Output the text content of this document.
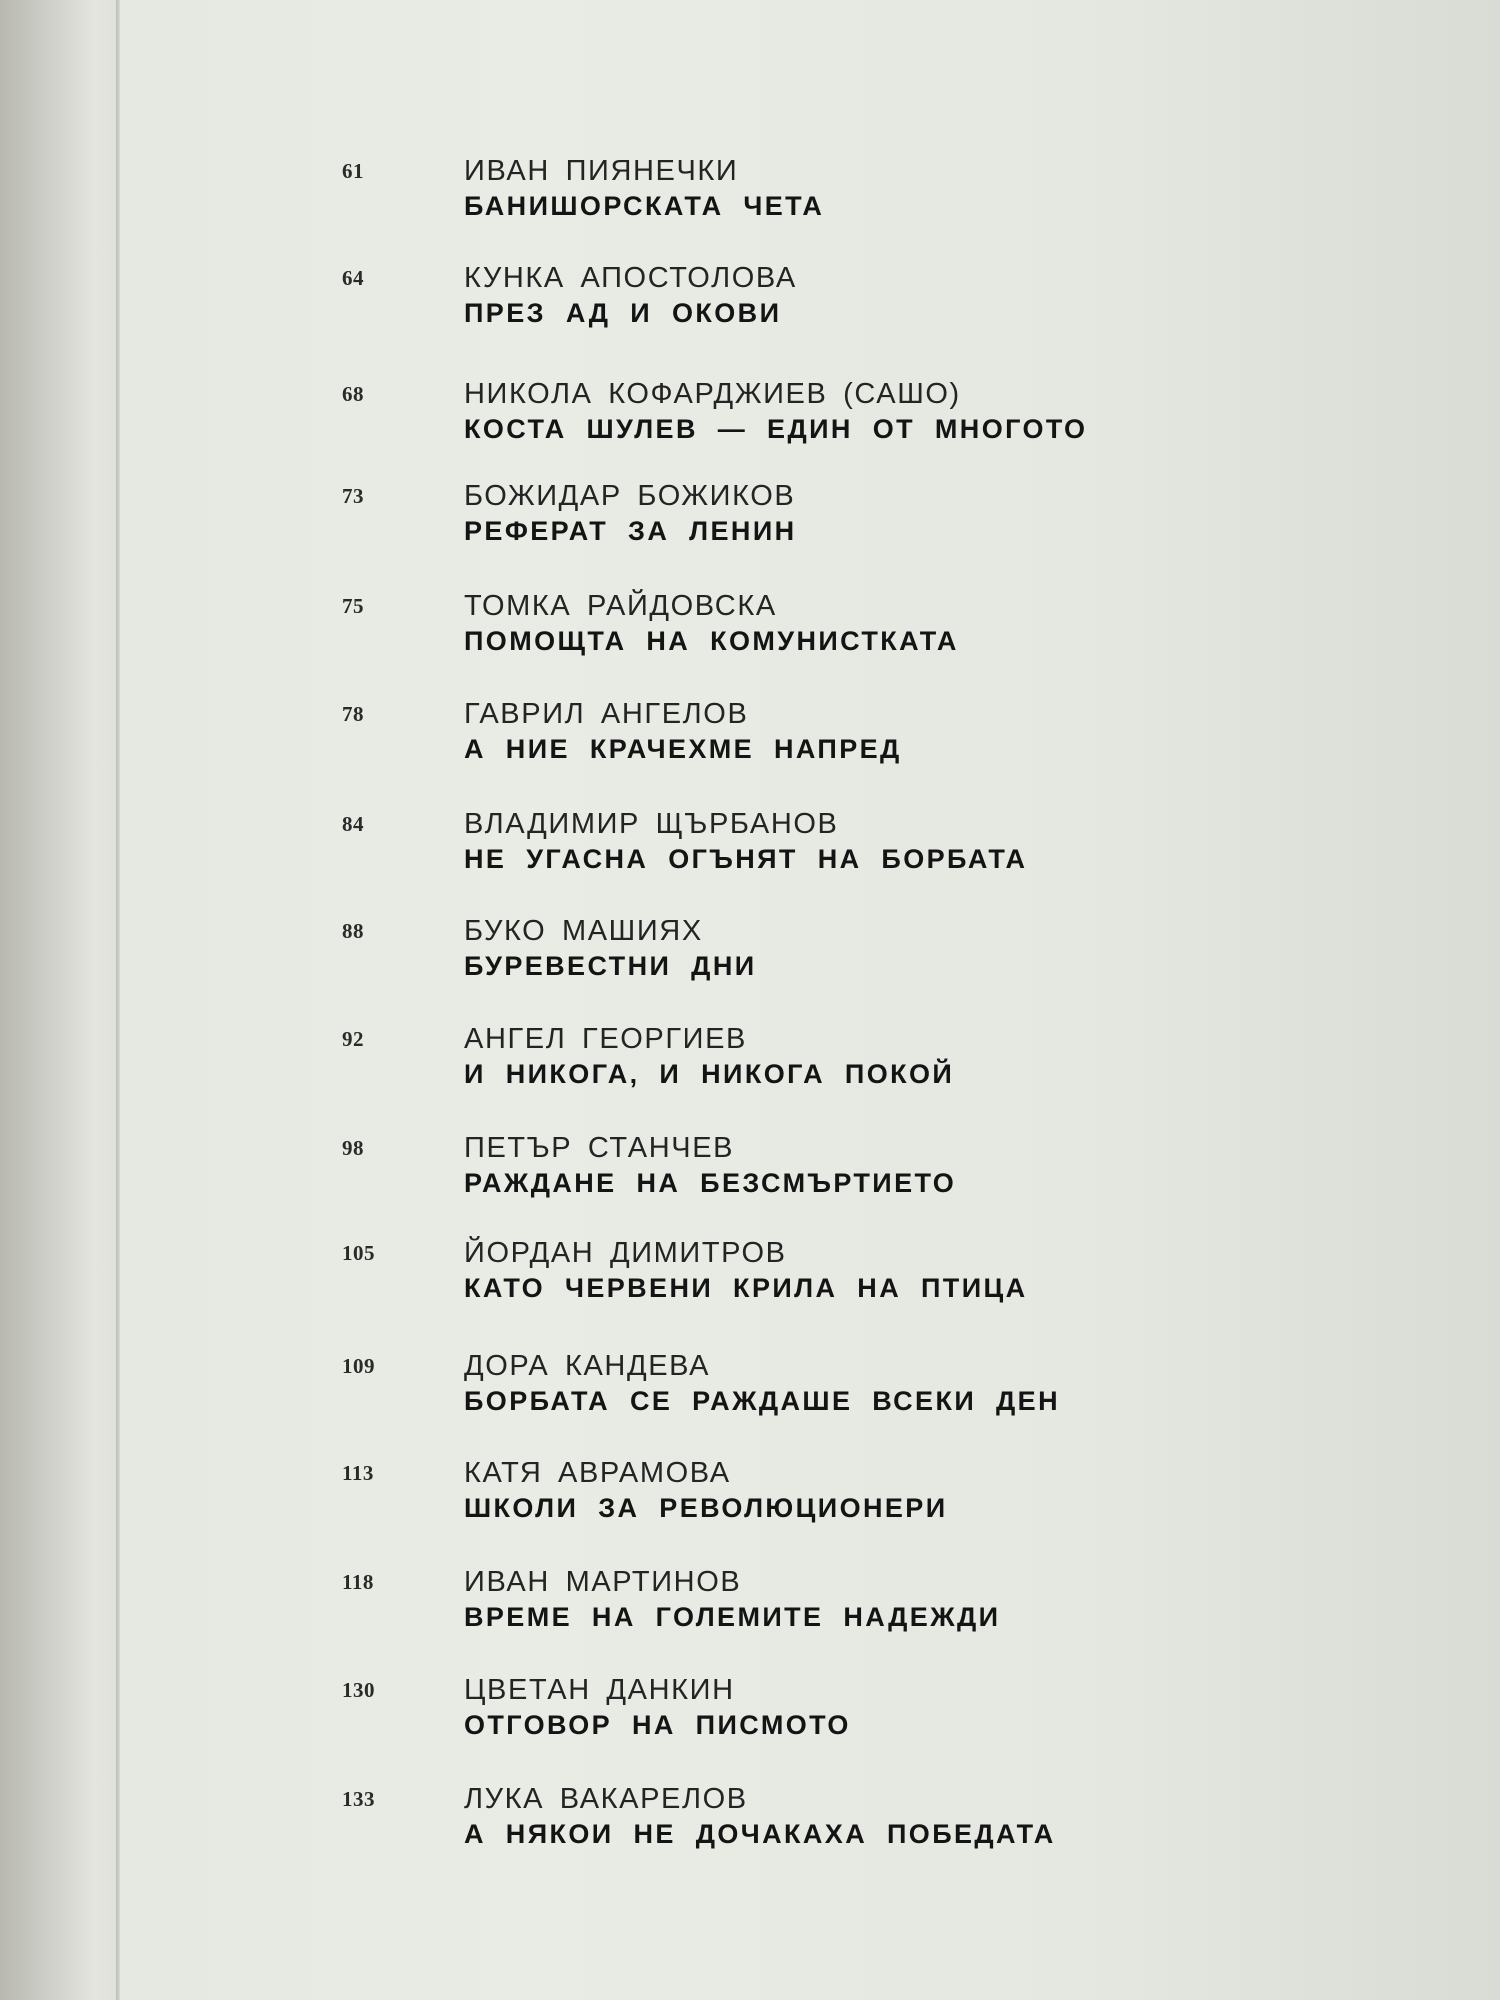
61	ИВАН ПИЯНЕЧКИ
БАНИШОРСКАТА ЧЕТА
64	КУНКА АПОСТОЛОВА
ПРЕЗ АД И ОКОВИ
68	НИКОЛА КОФАРДЖИЕВ (САШО)
КОСТА ШУЛЕВ — ЕДИН ОТ МНОГОТО
73	БОЖИДАР БОЖИКОВ
РЕФЕРАТ ЗА ЛЕНИН
75	ТОМКА РАЙДОВСКА
ПОМОЩТА НА КОМУНИСТКАТА
78	ГАВРИЛ АНГЕЛОВ
А НИЕ КРАЧЕХМЕ НАПРЕД
84	ВЛАДИМИР ЩЪРБАНОВ
НЕ УГАСНА ОГЪНЯТ НА БОРБАТА
88	БУКО МАШИЯХ
БУРЕВЕСТНИ ДНИ
92	АНГЕЛ ГЕОРГИЕВ
И НИКОГА, И НИКОГА ПОКОЙ
98	ПЕТЪР СТАНЧЕВ
РАЖДАНЕ НА БЕЗСМЪРТИЕТО
105	ЙОРДАН ДИМИТРОВ
КАТО ЧЕРВЕНИ КРИЛА НА ПТИЦА
109	ДОРА КАНДЕВА
БОРБАТА СЕ РАЖДАШЕ ВСЕКИ ДЕН
113	КАТЯ АВРАМОВА
ШКОЛИ ЗА РЕВОЛЮЦИОНЕРИ
118	ИВАН МАРТИНОВ
ВРЕМЕ НА ГОЛЕМИТЕ НАДЕЖДИ
130	ЦВЕТАН ДАНКИН
ОТГОВОР НА ПИСМОТО
133	ЛУКА ВАКАРЕЛОВ
А НЯКОИ НЕ ДОЧАКАХА ПОБЕДАТА
